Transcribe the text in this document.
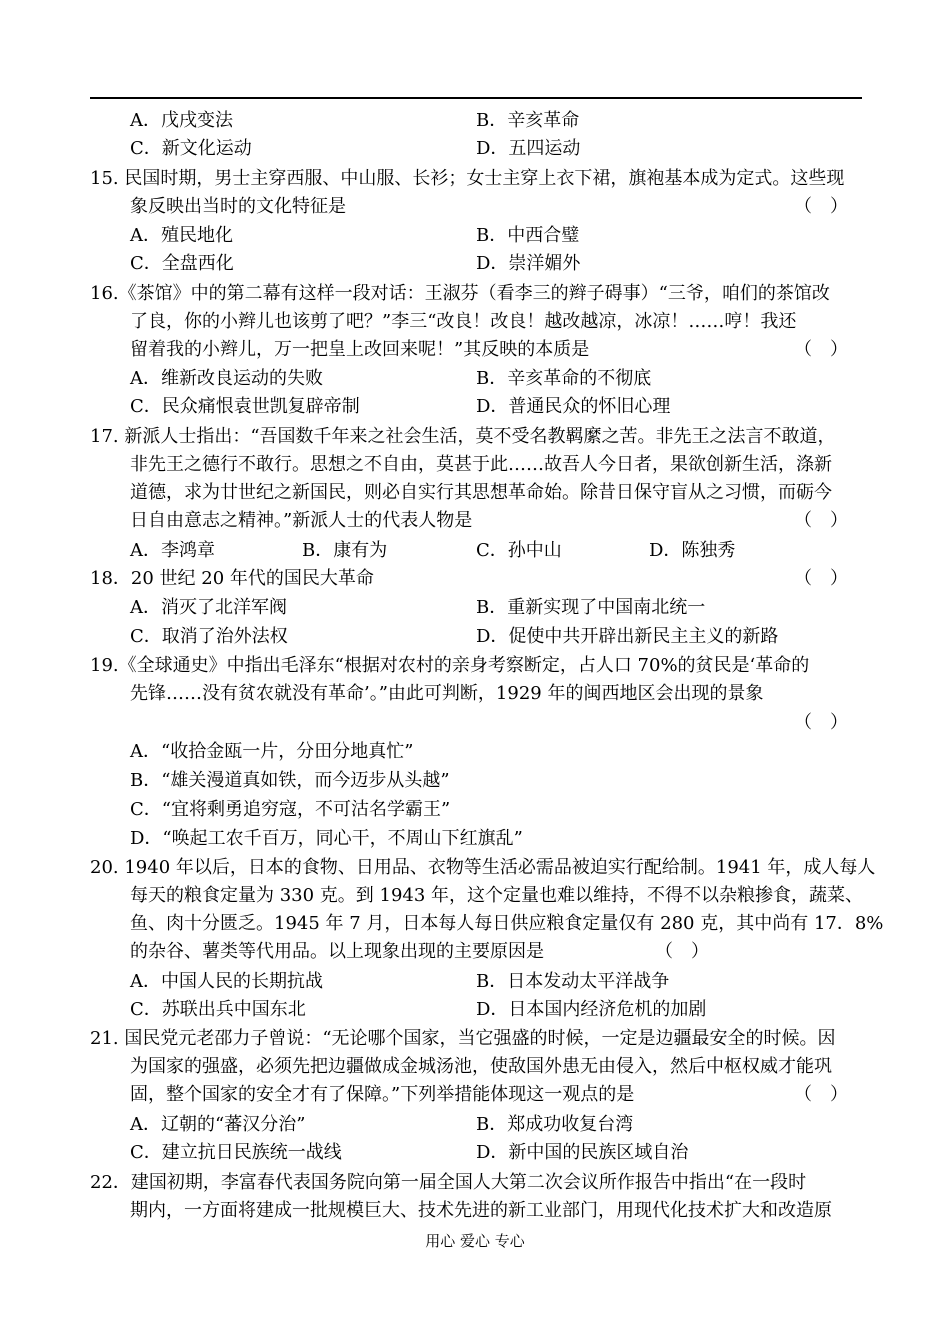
A．戊戌变法	B．辛亥革命
C．新文化运动	D．五四运动
15. 民国时期，男士主穿西服、中山服、长衫；女士主穿上衣下裙，旗袍基本成为定式。这些现
象反映出当时的文化特征是	（　）
A．殖民地化	B．中西合璧
C．全盘西化	D．崇洋媚外
16.《茶馆》中的第二幕有这样一段对话：王淑芬（看李三的辫子碍事）“三爷，咱们的茶馆改
了良，你的小辫儿也该剪了吧？”李三“改良！改良！越改越凉，冰凉！……哼！我还
留着我的小辫儿，万一把皇上改回来呢！”其反映的本质是	（　）
A．维新改良运动的失败	B．辛亥革命的不彻底
C．民众痛恨袁世凯复辟帝制	D．普通民众的怀旧心理
17. 新派人士指出：“吾国数千年来之社会生活，莫不受名教羁縻之苦。非先王之法言不敢道，
非先王之德行不敢行。思想之不自由，莫甚于此……故吾人今日者，果欲创新生活，涤新
道德，求为廿世纪之新国民，则必自实行其思想革命始。除昔日保守盲从之习惯，而砺今
日自由意志之精神。”新派人士的代表人物是	（　）
A．李鸿章	B．康有为	C．孙中山	D．陈独秀
18．20 世纪 20 年代的国民大革命	（　）
A．消灭了北洋军阀	B．重新实现了中国南北统一
C．取消了治外法权	D．促使中共开辟出新民主主义的新路
19.《全球通史》中指出毛泽东“根据对农村的亲身考察断定，占人口 70%的贫民是‘革命的
先锋……没有贫农就没有革命’。”由此可判断，1929 年的闽西地区会出现的景象
（　）
A．“收拾金瓯一片，分田分地真忙”
B．“雄关漫道真如铁，而今迈步从头越”
C．“宜将剩勇追穷寇，不可沽名学霸王”
D．“唤起工农千百万，同心干，不周山下红旗乱”
20. 1940 年以后，日本的食物、日用品、衣物等生活必需品被迫实行配给制。1941 年，成人每人
每天的粮食定量为 330 克。到 1943 年，这个定量也难以维持，不得不以杂粮掺食，蔬菜、
鱼、肉十分匮乏。1945 年 7 月，日本每人每日供应粮食定量仅有 280 克，其中尚有 17．8%
的杂谷、薯类等代用品。以上现象出现的主要原因是	（　）
A．中国人民的长期抗战	B．日本发动太平洋战争
C．苏联出兵中国东北	D．日本国内经济危机的加剧
21. 国民党元老邵力子曾说：“无论哪个国家，当它强盛的时候，一定是边疆最安全的时候。因
为国家的强盛，必须先把边疆做成金城汤池，使敌国外患无由侵入，然后中枢权威才能巩
固，整个国家的安全才有了保障。”下列举措能体现这一观点的是	（　）
A．辽朝的“蕃汉分治”	B．郑成功收复台湾
C．建立抗日民族统一战线	D．新中国的民族区域自治
22．建国初期，李富春代表国务院向第一届全国人大第二次会议所作报告中指出“在一段时
期内，一方面将建成一批规模巨大、技术先进的新工业部门，用现代化技术扩大和改造原
用心 爱心 专心
